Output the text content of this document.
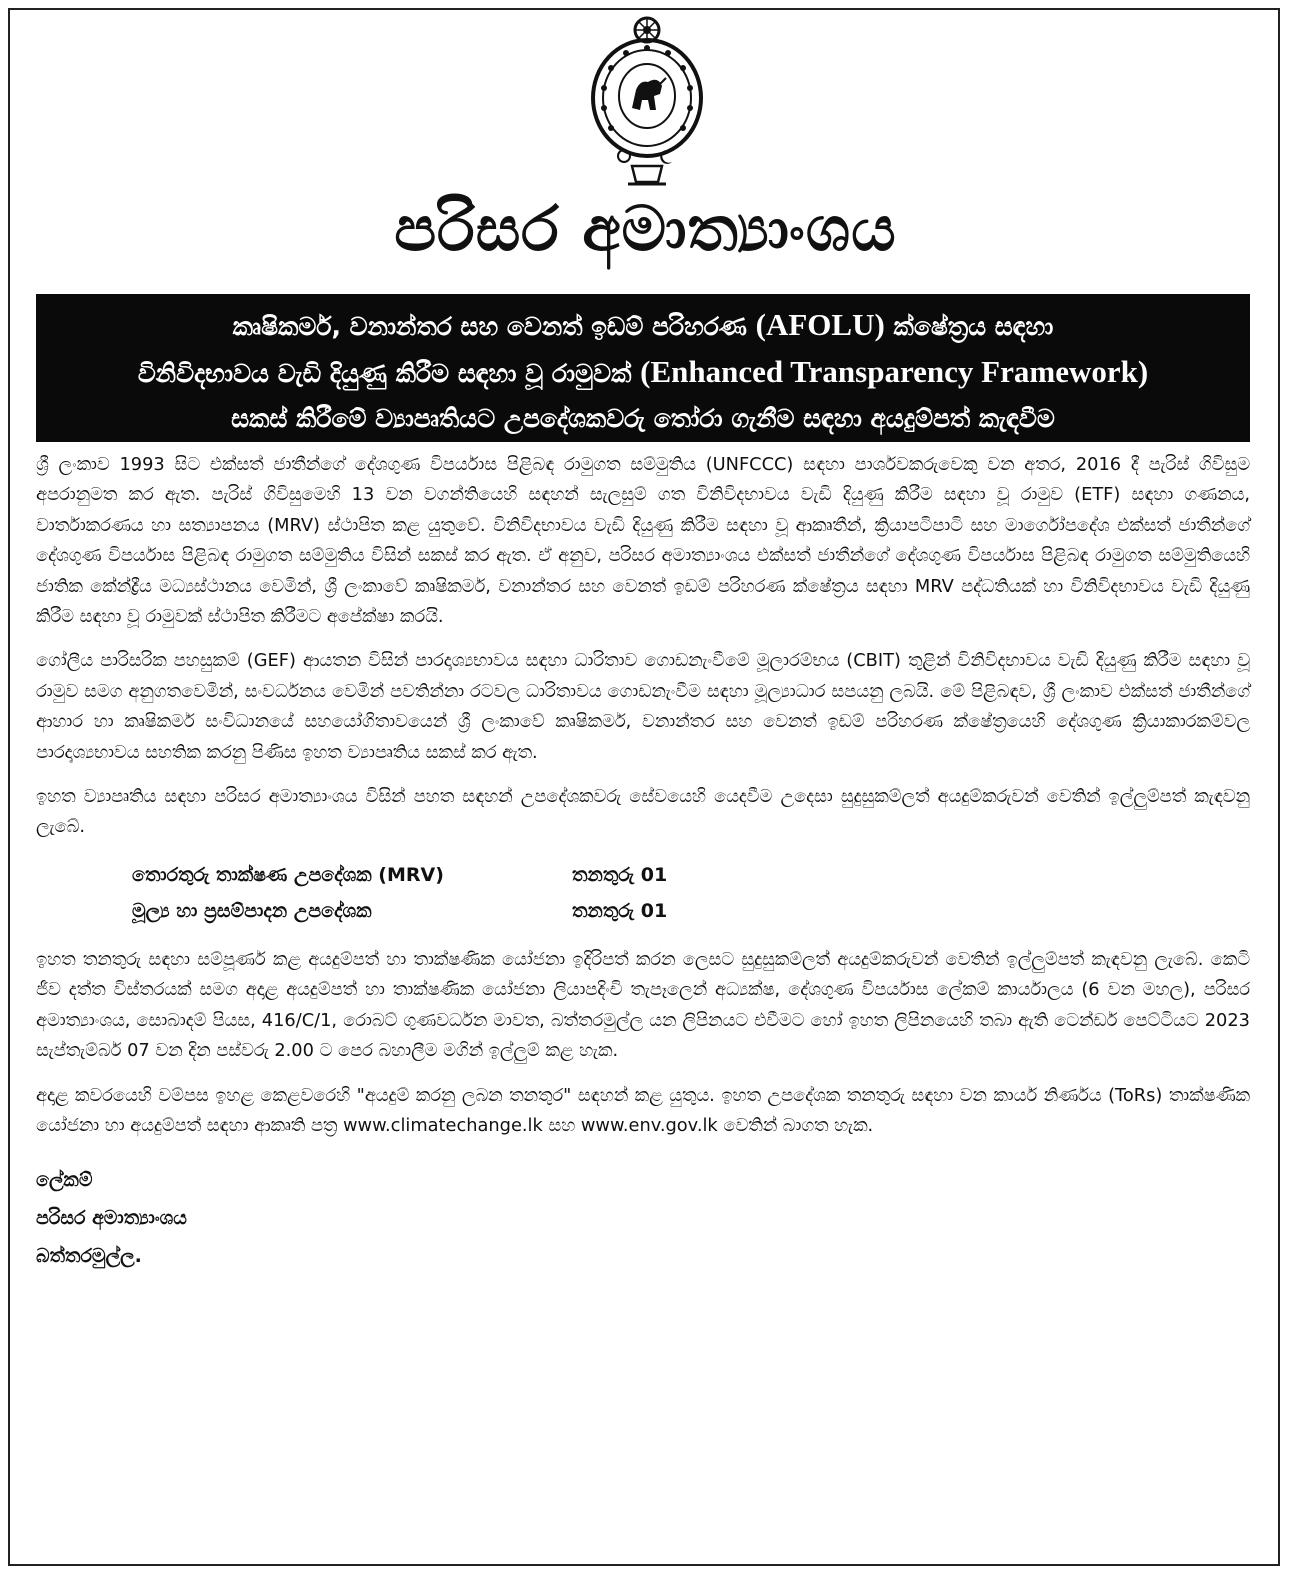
පරිසර අමාත්‍යාංශය
කෘෂිකර්ම, වනාන්තර සහ වෙනත් ඉඩම් පරිහරණ (AFOLU) ක්ෂේත්‍රය සඳහා
විනිවිදභාවය වැඩි දියුණු කිරීම සඳහා වූ රාමුවක් (Enhanced Transparency Framework)
සකස් කිරීමේ ව්‍යාපෘතියට උපදේශකවරු තෝරා ගැනීම සඳහා අයදුම්පත් කැඳවීම

ශ්‍රී ලංකාව 1993 සිට එක්සත් ජාතීන්ගේ දේශගුණ විපර්යාස පිළිබඳ රාමුගත සම්මුතිය (UNFCCC) සඳහා පාර්ශවකරුවෙකු වන අතර, 2016 දී පැරිස් ගිවිසුම අපරානුමත කර ඇත. පැරිස් ගිවිසුමෙහි 13 වන වගන්තියෙහි සඳහන් සැලසුම් ගත විනිවිදභාවය වැඩි දියුණු කිරීම සඳහා වූ රාමුව (ETF) සඳහා ගණනය, වාර්තාකරණය හා සත්‍යාපනය (MRV) ස්ථාපිත කළ යුතුවේ. විනිවිදභාවය වැඩි දියුණු කිරීම සඳහා වූ ආකෘතීන්, ක්‍රියාපටිපාටි සහ මාර්ගෝපදේශ එක්සත් ජාතීන්ගේ දේශගුණ විපර්යාස පිළිබඳ රාමුගත සම්මුතිය විසින් සකස් කර ඇත. ඒ අනුව, පරිසර අමාත්‍යාංශය එක්සත් ජාතීන්ගේ දේශගුණ විපර්යාස පිළිබඳ රාමුගත සම්මුතියෙහි ජාතික කේන්ද්‍රීය මධ්‍යස්ථානය වෙමින්, ශ්‍රී ලංකාවේ කෘෂිකර්ම, වනාන්තර සහ වෙනත් ඉඩම් පරිහරණ ක්ෂේත්‍රය සඳහා MRV පද්ධතියක් හා විනිවිදභාවය වැඩි දියුණු කිරීම සඳහා වූ රාමුවක් ස්ථාපිත කිරීමට අපේක්ෂා කරයි.

ගෝලීය පාරිසරික පහසුකම් (GEF) ආයතන විසින් පාරදෘශ්‍යභාවය සඳහා ධාරිතාව ගොඩනැංවීමේ මූලාරම්භය (CBIT) තුළින් විනිවිදභාවය වැඩි දියුණු කිරීම සඳහා වූ රාමුව සමග අනුගතවෙමින්, සංවර්ධනය වෙමින් පවතින්නා රටවල ධාරිතාවය ගොඩනැංවීම සඳහා මූල්‍යාධාර සපයනු ලබයි. මේ පිළිබඳව, ශ්‍රී ලංකාව එක්සත් ජාතීන්ගේ ආහාර හා කෘෂිකර්ම සංවිධානයේ සහයෝගිතාවයෙන් ශ්‍රී ලංකාවේ කෘෂිකර්ම, වනාන්තර සහ වෙනත් ඉඩම් පරිහරණ ක්ෂේත්‍රයෙහි දේශගුණ ක්‍රියාකාරකම්වල පාරදෘශ්‍යභාවය සහතික කරනු පිණිස ඉහත ව්‍යාපෘතිය සකස් කර ඇත.

ඉහත ව්‍යාපෘතිය සඳහා පරිසර අමාත්‍යාංශය විසින් පහත සඳහන් උපදේශකවරු සේවයෙහි යෙදවීම උදෙසා සුදුසුකම්ලත් අයදුම්කරුවන් වෙතින් ඉල්ලුම්පත් කැඳවනු ලැබේ.

තොරතුරු තාක්ෂණ උපදේශක (MRV)	තනතුරු 01
මූල්‍ය හා ප්‍රසම්පාදන උපදේශක	තනතුරු 01

ඉහත තනතුරු සඳහා සම්පූර්ණ කළ අයදුම්පත් හා තාක්ෂණික යෝජනා ඉදිරිපත් කරන ලෙසට සුදුසුකම්ලත් අයදුම්කරුවන් වෙතින් ඉල්ලුම්පත් කැඳවනු ලැබේ. කෙටි ජීව දත්ත විස්තරයක් සමග අදාළ අයදුම්පත් හා තාක්ෂණික යෝජනා ලියාපදිංචි තැපෑලෙන් අධ්‍යක්ෂ, දේශගුණ විපර්යාස ලේකම් කාර්යාලය (6 වන මහල), පරිසර අමාත්‍යාංශය, සොබාදම් පියස, 416/C/1, රොබට් ගුණවර්ධන මාවත, බත්තරමුල්ල යන ලිපිනයට එවීමට හෝ ඉහත ලිපිනයෙහි තබා ඇති ටෙන්ඩර් පෙට්ටියට 2023 සැප්තැම්බර් 07 වන දින පස්වරු 2.00 ට පෙර බහාලීම මගින් ඉල්ලුම් කළ හැක.

අදාළ කවරයෙහි වම්පස ඉහළ කෙළවරෙහි "අයදුම් කරනු ලබන තනතුර" සඳහන් කළ යුතුය. ඉහත උපදේශක තනතුරු සඳහා වන කාර්ය නිර්ණය (ToRs) තාක්ෂණික යෝජනා හා අයදුම්පත් සඳහා ආකෘති පත්‍ර www.climatechange.lk සහ www.env.gov.lk වෙතින් බාගත හැක.

ලේකම්
පරිසර අමාත්‍යාංශය
බත්තරමුල්ල.
